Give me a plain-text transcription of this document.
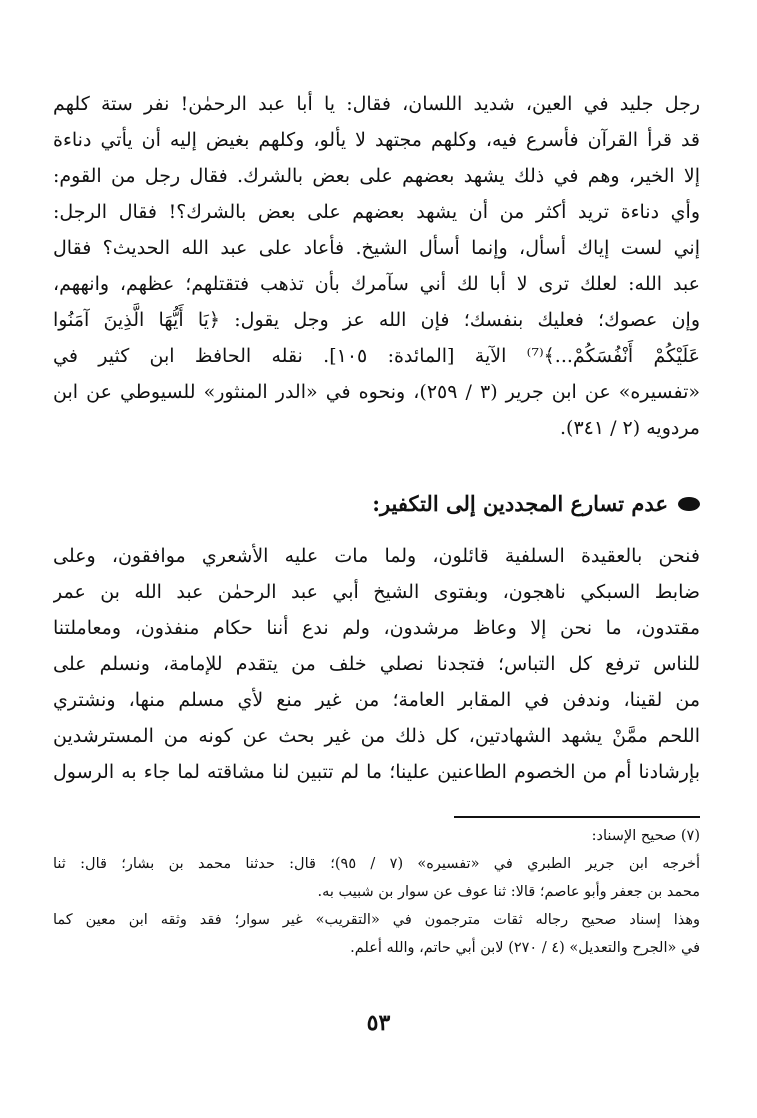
رجل جليد في العين، شديد اللسان، فقال: يا أبا عبد الرحمٰن! نفر ستة كلهم
قد قرأ القرآن فأسرع فيه، وكلهم مجتهد لا يألو، وكلهم بغيض إليه أن يأتي دناءة
إلا الخير، وهم في ذلك يشهد بعضهم على بعض بالشرك. فقال رجل من القوم:
وأي دناءة تريد أكثر من أن يشهد بعضهم على بعض بالشرك؟! فقال الرجل:
إني لست إياك أسأل، وإنما أسأل الشيخ. فأعاد على عبد الله الحديث؟ فقال
عبد الله: لعلك ترى لا أبا لك أني سآمرك بأن تذهب فتقتلهم؛ عظهم، وانههم،
وإن عصوك؛ فعليك بنفسك؛ فإن الله عز وجل يقول: ﴿يَا أَيُّهَا الَّذِينَ آمَنُوا
عَلَيْكُمْ أَنْفُسَكُمْ...﴾⁽⁷⁾ الآية [المائدة: ١٠٥]. نقله الحافظ ابن كثير في
«تفسيره» عن ابن جرير (٣ / ٢٥٩)، ونحوه في «الدر المنثور» للسيوطي عن ابن
مردويه (٢ / ٣٤١).
عدم تسارع المجددين إلى التكفير:
فنحن بالعقيدة السلفية قائلون، ولما مات عليه الأشعري موافقون، وعلى
ضابط السبكي ناهجون، وبفتوى الشيخ أبي عبد الرحمٰن عبد الله بن عمر
مقتدون، ما نحن إلا وعاظ مرشدون، ولم ندع أننا حكام منفذون، ومعاملتنا
للناس ترفع كل التباس؛ فتجدنا نصلي خلف من يتقدم للإمامة، ونسلم على
من لقينا، وندفن في المقابر العامة؛ من غير منع لأي مسلم منها، ونشتري
اللحم ممَّنْ يشهد الشهادتين، كل ذلك من غير بحث عن كونه من المسترشدين
بإرشادنا أم من الخصوم الطاعنين علينا؛ ما لم تتبين لنا مشاقته لما جاء به الرسول
(٧) صحيح الإسناد:
أخرجه ابن جرير الطبري في «تفسيره» (٧ / ٩٥)؛ قال: حدثنا محمد بن بشار؛ قال: ثنا
محمد بن جعفر وأبو عاصم؛ قالا: ثنا عوف عن سوار بن شبيب به.
وهذا إسناد صحيح رجاله ثقات مترجمون في «التقريب» غير سوار؛ فقد وثقه ابن معين كما
في «الجرح والتعديل» (٤ / ٢٧٠) لابن أبي حاتم، والله أعلم.
٥٣
